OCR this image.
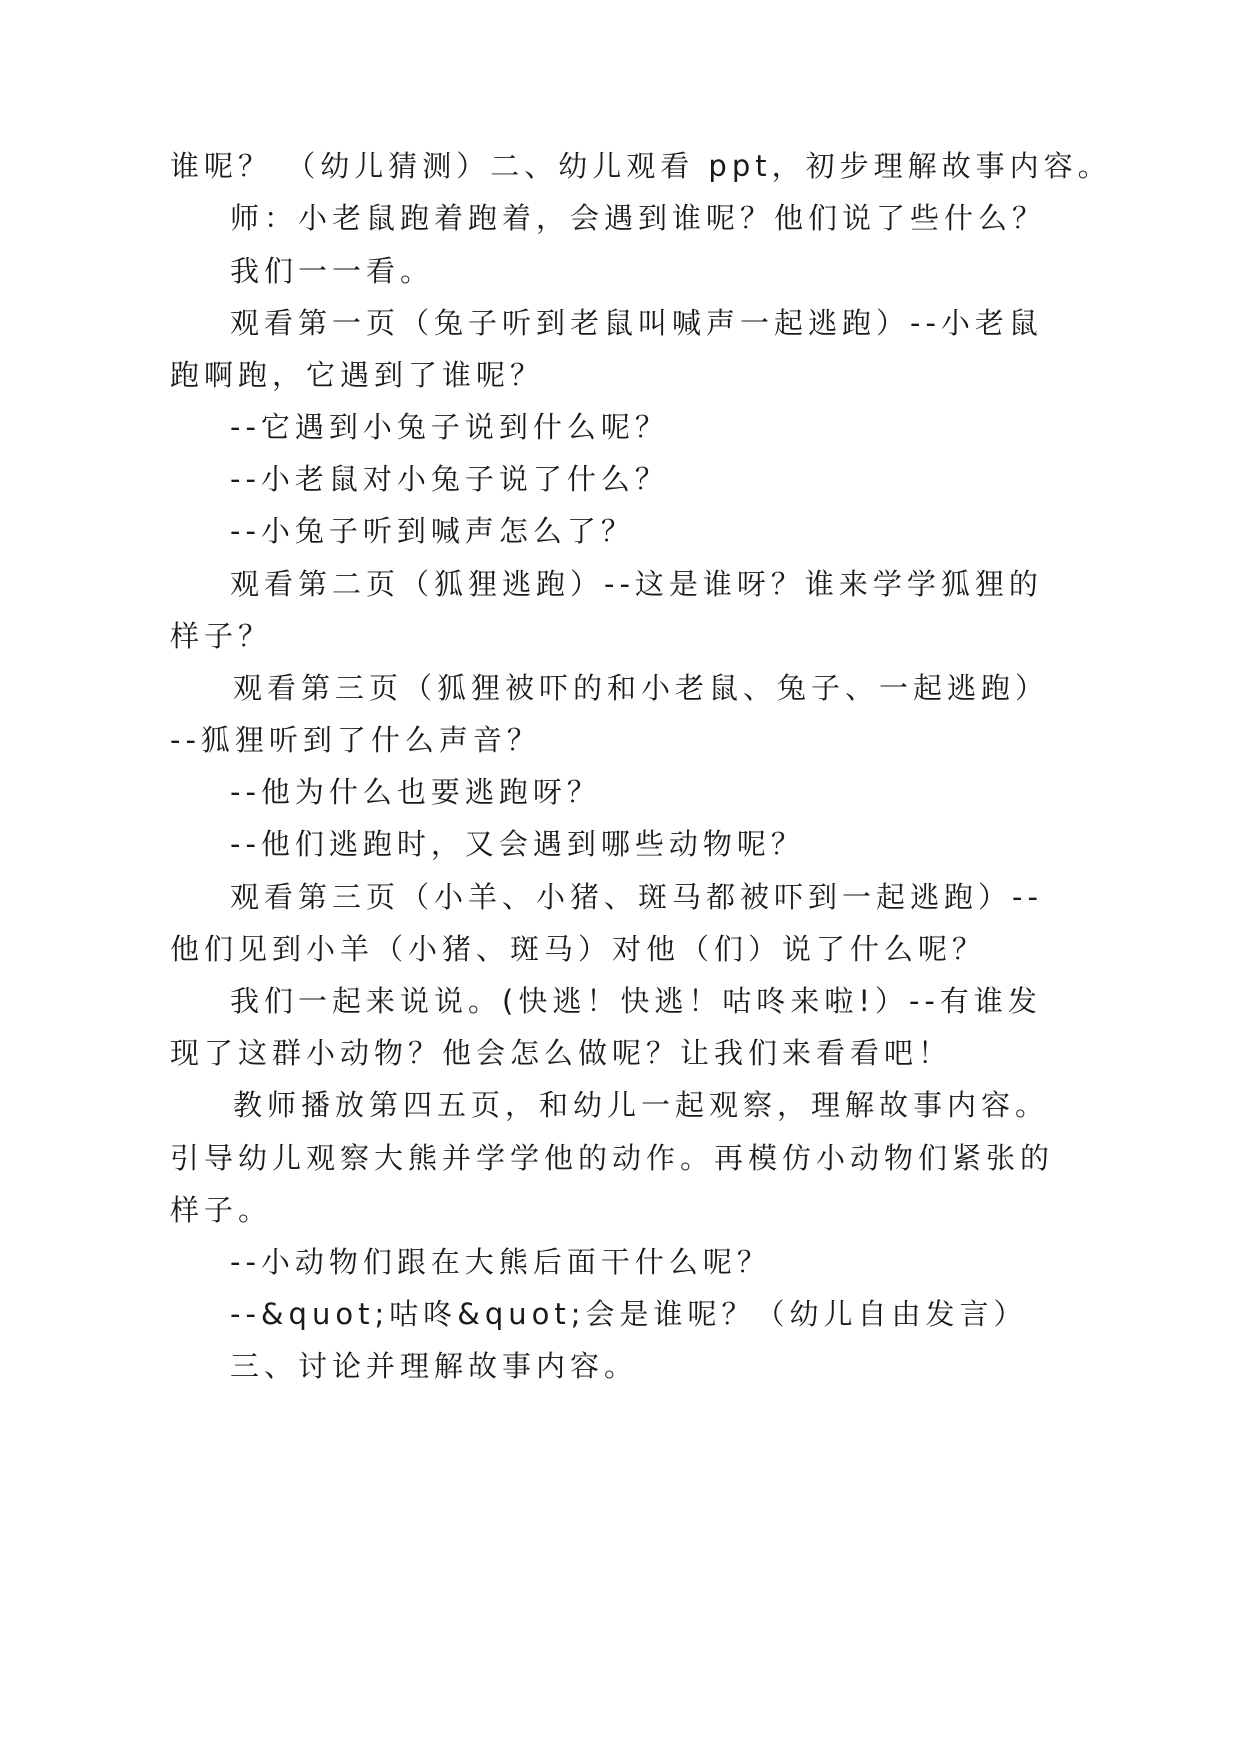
谁呢？ （幼儿猜测）二、幼儿观看 ppt，初步理解故事内容。
师：小老鼠跑着跑着，会遇到谁呢？他们说了些什么？
我们一一看。
观看第一页（兔子听到老鼠叫喊声一起逃跑）--小老鼠
跑啊跑，它遇到了谁呢？
--它遇到小兔子说到什么呢？
--小老鼠对小兔子说了什么？
--小兔子听到喊声怎么了？
观看第二页（狐狸逃跑）--这是谁呀？谁来学学狐狸的
样子？
观看第三页（狐狸被吓的和小老鼠、兔子、一起逃跑）
--狐狸听到了什么声音？
--他为什么也要逃跑呀？
--他们逃跑时，又会遇到哪些动物呢？
观看第三页（小羊、小猪、斑马都被吓到一起逃跑）--
他们见到小羊（小猪、斑马）对他（们）说了什么呢？
我们一起来说说。(快逃！快逃！咕咚来啦!）--有谁发
现了这群小动物？他会怎么做呢？让我们来看看吧！
教师播放第四五页，和幼儿一起观察，理解故事内容。
引导幼儿观察大熊并学学他的动作。再模仿小动物们紧张的
样子。
--小动物们跟在大熊后面干什么呢？
--&quot;咕咚&quot;会是谁呢？（幼儿自由发言）
三、讨论并理解故事内容。
